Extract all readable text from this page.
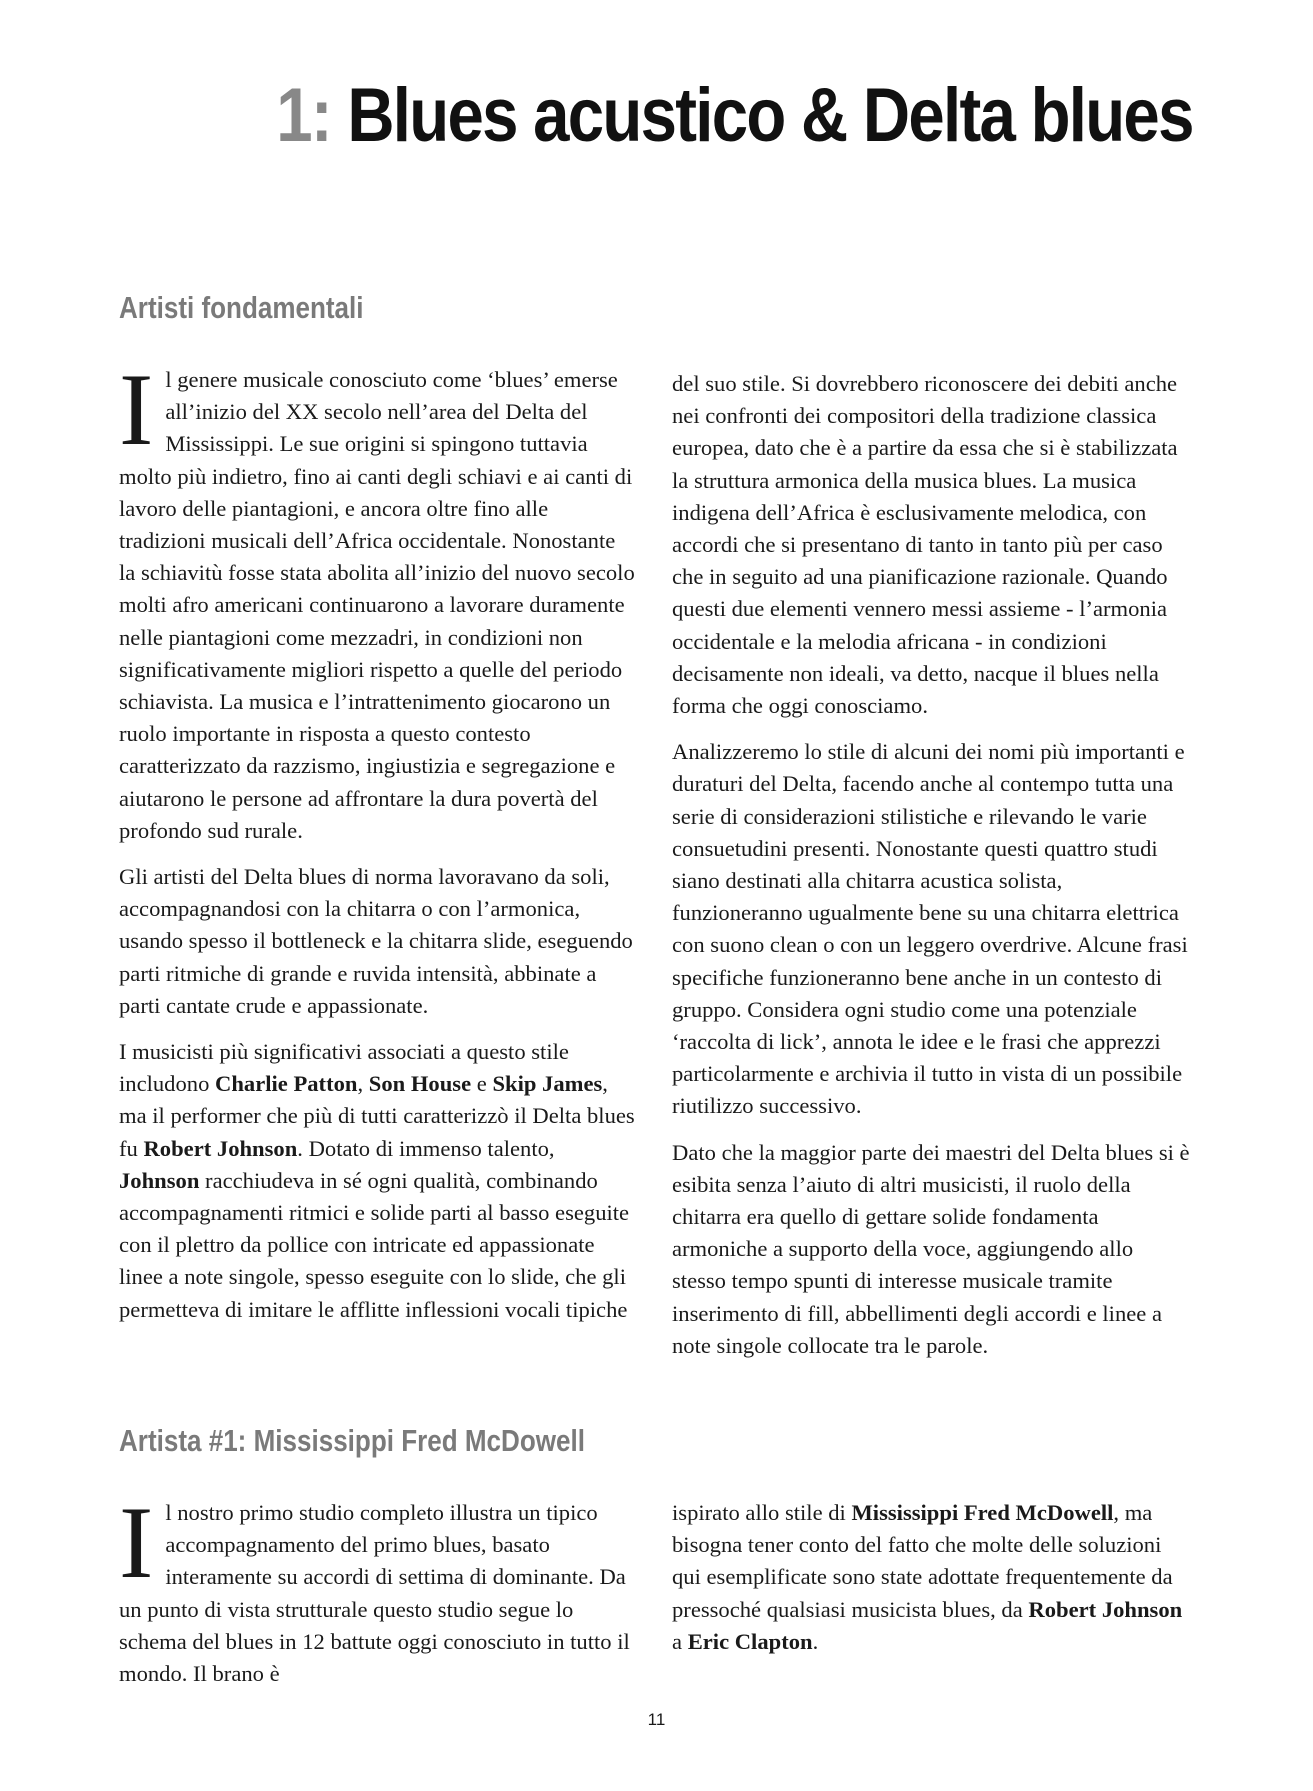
1: Blues acustico & Delta blues
Artisti fondamentali

Il genere musicale conosciuto come ‘blues’ emerse all’inizio del XX secolo nell’area del Delta del Mississippi. Le sue origini si spingono tuttavia molto più indietro, fino ai canti degli schiavi e ai canti di lavoro delle piantagioni, e ancora oltre fino alle tradizioni musicali dell’Africa occidentale. Nonostante la schiavitù fosse stata abolita all’inizio del nuovo secolo molti afro americani continuarono a lavorare duramente nelle piantagioni come mezzadri, in condizioni non significativamente migliori rispetto a quelle del periodo schiavista. La musica e l’intrattenimento giocarono un ruolo importante in risposta a questo contesto caratterizzato da razzismo, ingiustizia e segregazione e aiutarono le persone ad affrontare la dura povertà del profondo sud rurale.

Gli artisti del Delta blues di norma lavoravano da soli, accompagnandosi con la chitarra o con l’armonica, usando spesso il bottleneck e la chitarra slide, eseguendo parti ritmiche di grande e ruvida intensità, abbinate a parti cantate crude e appassionate.

I musicisti più significativi associati a questo stile includono Charlie Patton, Son House e Skip James, ma il performer che più di tutti caratterizzò il Delta blues fu Robert Johnson. Dotato di immenso talento, Johnson racchiudeva in sé ogni qualità, combinando accompagnamenti ritmici e solide parti al basso eseguite con il plettro da pollice con intricate ed appassionate linee a note singole, spesso eseguite con lo slide, che gli permetteva di imitare le afflitte inflessioni vocali tipiche

del suo stile. Si dovrebbero riconoscere dei debiti anche nei confronti dei compositori della tradizione classica europea, dato che è a partire da essa che si è stabilizzata la struttura armonica della musica blues. La musica indigena dell’Africa è esclusivamente melodica, con accordi che si presentano di tanto in tanto più per caso che in seguito ad una pianificazione razionale. Quando questi due elementi vennero messi assieme - l’armonia occidentale e la melodia africana - in condizioni decisamente non ideali, va detto, nacque il blues nella forma che oggi conosciamo.

Analizzeremo lo stile di alcuni dei nomi più importanti e duraturi del Delta, facendo anche al contempo tutta una serie di considerazioni stilistiche e rilevando le varie consuetudini presenti. Nonostante questi quattro studi siano destinati alla chitarra acustica solista, funzioneranno ugualmente bene su una chitarra elettrica con suono clean o con un leggero overdrive. Alcune frasi specifiche funzioneranno bene anche in un contesto di gruppo. Considera ogni studio come una potenziale ‘raccolta di lick’, annota le idee e le frasi che apprezzi particolarmente e archivia il tutto in vista di un possibile riutilizzo successivo.

Dato che la maggior parte dei maestri del Delta blues si è esibita senza l’aiuto di altri musicisti, il ruolo della chitarra era quello di gettare solide fondamenta armoniche a supporto della voce, aggiungendo allo stesso tempo spunti di interesse musicale tramite inserimento di fill, abbellimenti degli accordi e linee a note singole collocate tra le parole.

Artista #1: Mississippi Fred McDowell

Il nostro primo studio completo illustra un tipico accompagnamento del primo blues, basato interamente su accordi di settima di dominante. Da un punto di vista strutturale questo studio segue lo schema del blues in 12 battute oggi conosciuto in tutto il mondo. Il brano è

ispirato allo stile di Mississippi Fred McDowell, ma bisogna tener conto del fatto che molte delle soluzioni qui esemplificate sono state adottate frequentemente da pressoché qualsiasi musicista blues, da Robert Johnson a Eric Clapton.

11
